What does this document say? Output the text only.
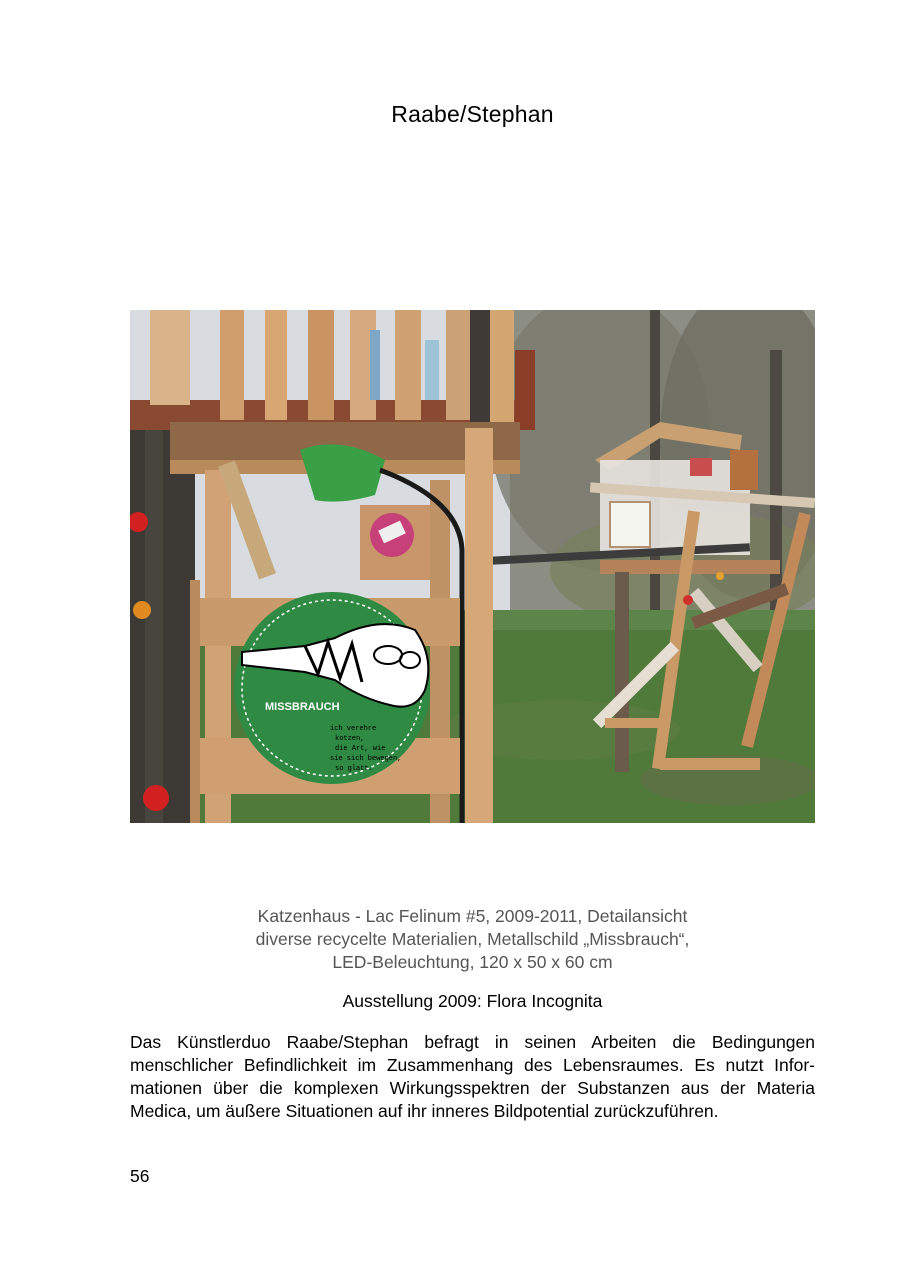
Raabe/Stephan
MISSBRAUCH
ich verehre
kotzen,
die Art, wie
sie sich bewegen,
so glatt.
Katzenhaus - Lac Felinum #5, 2009-2011, Detailansicht
diverse recycelte Materialien, Metallschild „Missbrauch“,
LED-Beleuchtung, 120 x 50 x 60 cm
Ausstellung 2009: Flora Incognita
Das Künstlerduo Raabe/Stephan befragt in seinen Arbeiten die Bedingungen menschlicher Befindlichkeit im Zusammenhang des Lebensraumes. Es nutzt Informationen über die komplexen Wirkungsspektren der Substanzen aus der Materia Medica, um äußere Situationen auf ihr inneres Bildpotential zurückzuführen.
56
